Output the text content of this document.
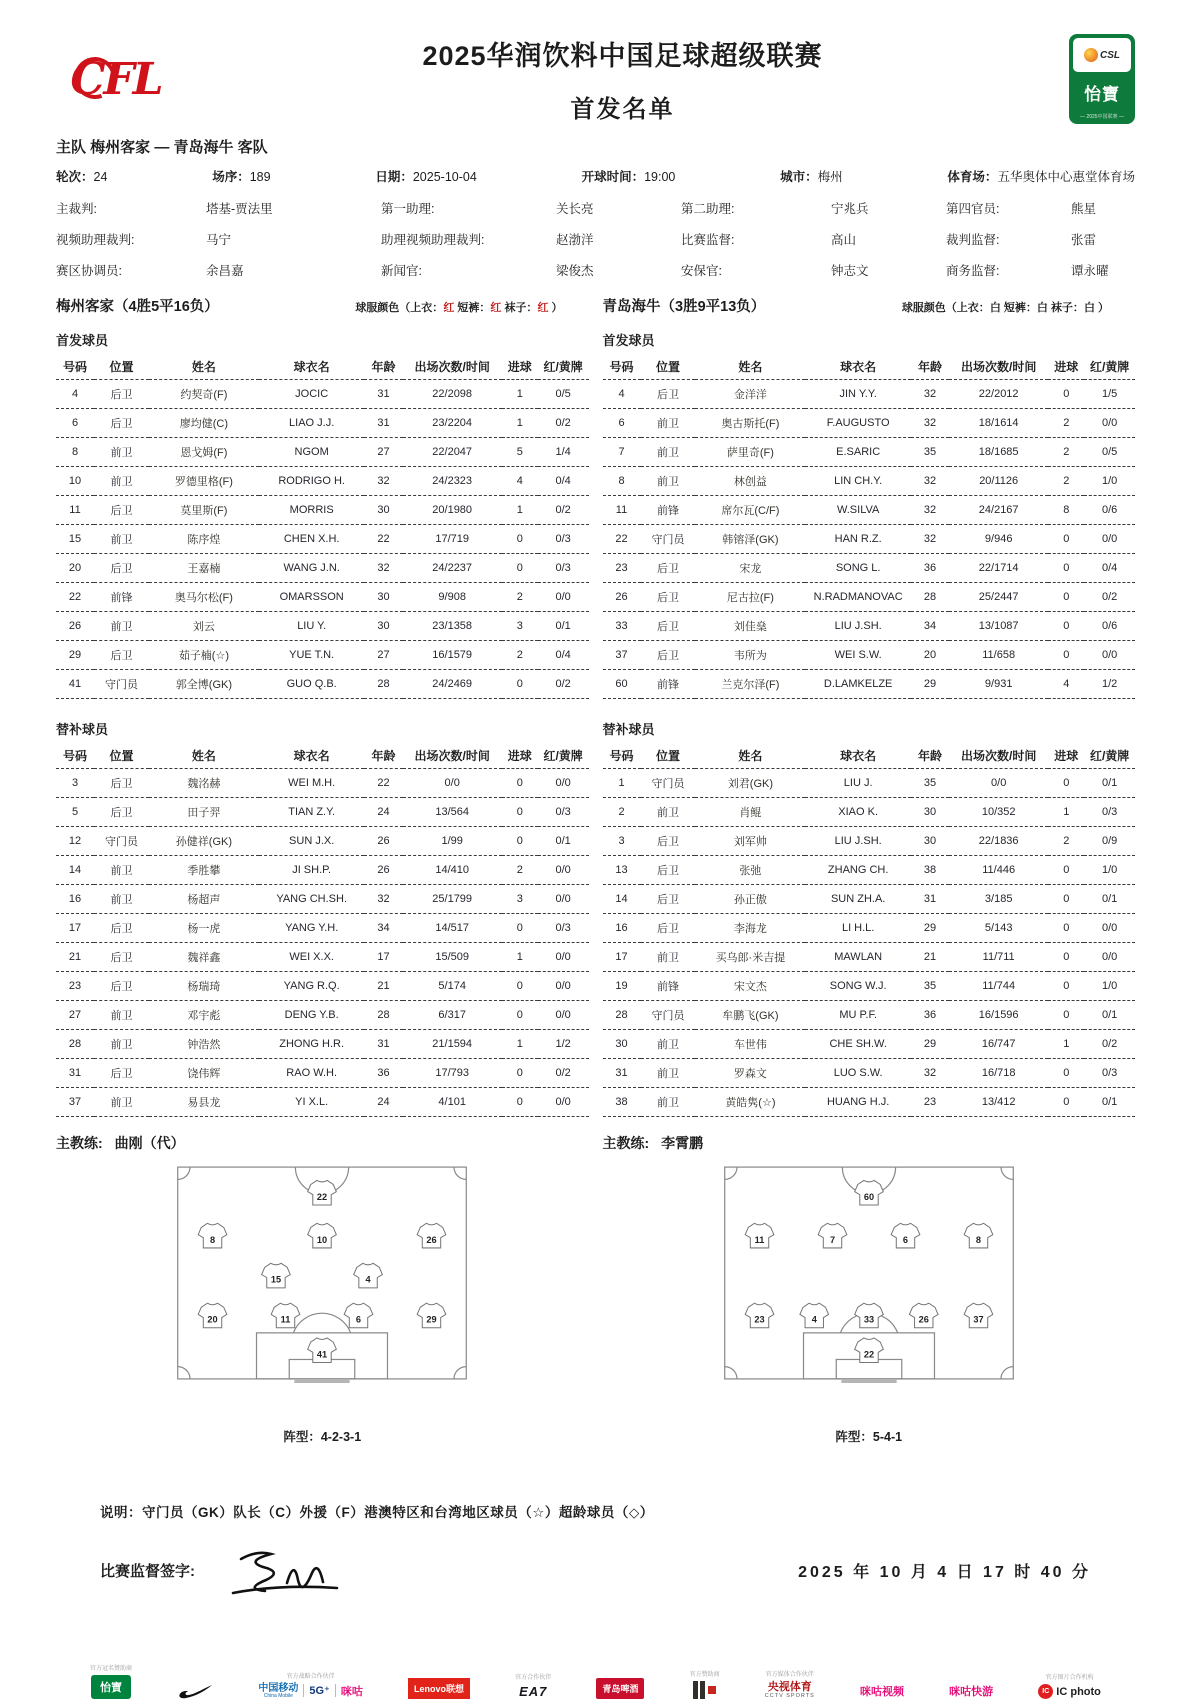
CFL	2025华润饮料中国足球超级联赛
首发名单
CSL
怡寶
— 2025中国联赛 —
主队 梅州客家 — 青岛海牛 客队
轮次：24	场序：189	日期：2025-10-04	开球时间：19:00	城市：梅州	体育场：五华奥体中心惠堂体育场
主裁判:	塔基-贾法里	第一助理:	关长亮	第二助理:	宁兆兵	第四官员:	熊星
视频助理裁判:	马宁	助理视频助理裁判:	赵渤洋	比赛监督:	高山	裁判监督:	张雷
赛区协调员:	余昌嘉	新闻官:	梁俊杰	安保官:	钟志文	商务监督:	谭永曜
梅州客家（4胜5平16负）	球服颜色（上衣：红 短裤：红 袜子：红 ）	青岛海牛（3胜9平13负）	球服颜色（上衣：白 短裤：白 袜子：白 ）
首发球员
号码	位置	姓名	球衣名	年龄	出场次数/时间	进球	红/黄牌
4	后卫	约契奇(F)	JOCIC	31	22/2098	1	0/5
6	后卫	廖均健(C)	LIAO J.J.	31	23/2204	1	0/2
8	前卫	恩戈姆(F)	NGOM	27	22/2047	5	1/4
10	前卫	罗德里格(F)	RODRIGO H.	32	24/2323	4	0/4
11	后卫	莫里斯(F)	MORRIS	30	20/1980	1	0/2
15	前卫	陈序煌	CHEN X.H.	22	17/719	0	0/3
20	后卫	王嘉楠	WANG J.N.	32	24/2237	0	0/3
22	前锋	奥马尔松(F)	OMARSSON	30	9/908	2	0/0
26	前卫	刘云	LIU Y.	30	23/1358	3	0/1
29	后卫	茹子楠(☆)	YUE T.N.	27	16/1579	2	0/4
41	守门员	郭全博(GK)	GUO Q.B.	28	24/2469	0	0/2
替补球员
号码	位置	姓名	球衣名	年龄	出场次数/时间	进球	红/黄牌
3	后卫	魏洺赫	WEI M.H.	22	0/0	0	0/0
5	后卫	田子羿	TIAN Z.Y.	24	13/564	0	0/3
12	守门员	孙健祥(GK)	SUN J.X.	26	1/99	0	0/1
14	前卫	季胜攀	JI SH.P.	26	14/410	2	0/0
16	前卫	杨超声	YANG CH.SH.	32	25/1799	3	0/0
17	后卫	杨一虎	YANG Y.H.	34	14/517	0	0/3
21	后卫	魏祥鑫	WEI X.X.	17	15/509	1	0/0
23	后卫	杨瑞琦	YANG R.Q.	21	5/174	0	0/0
27	前卫	邓宇彪	DENG Y.B.	28	6/317	0	0/0
28	前卫	钟浩然	ZHONG H.R.	31	21/1594	1	1/2
31	后卫	饶伟辉	RAO W.H.	36	17/793	0	0/2
37	前卫	易县龙	YI X.L.	24	4/101	0	0/0
主教练: 曲刚（代）
22
8	10	26
15	4
20	11	6	29
41
阵型：4-2-3-1
首发球员
号码	位置	姓名	球衣名	年龄	出场次数/时间	进球	红/黄牌
4	后卫	金洋洋	JIN Y.Y.	32	22/2012	0	1/5
6	前卫	奥古斯托(F)	F.AUGUSTO	32	18/1614	2	0/0
7	前卫	萨里奇(F)	E.SARIC	35	18/1685	2	0/5
8	前卫	林创益	LIN CH.Y.	32	20/1126	2	1/0
11	前锋	席尔瓦(C/F)	W.SILVA	32	24/2167	8	0/6
22	守门员	韩镕泽(GK)	HAN R.Z.	32	9/946	0	0/0
23	后卫	宋龙	SONG L.	36	22/1714	0	0/4
26	后卫	尼古拉(F)	N.RADMANOVAC	28	25/2447	0	0/2
33	后卫	刘佳燊	LIU J.SH.	34	13/1087	0	0/6
37	后卫	韦所为	WEI S.W.	20	11/658	0	0/0
60	前锋	兰克尔泽(F)	D.LAMKELZE	29	9/931	4	1/2
替补球员
号码	位置	姓名	球衣名	年龄	出场次数/时间	进球	红/黄牌
1	守门员	刘君(GK)	LIU J.	35	0/0	0	0/1
2	前卫	肖鲲	XIAO K.	30	10/352	1	0/3
3	后卫	刘军帅	LIU J.SH.	30	22/1836	2	0/9
13	后卫	张弛	ZHANG CH.	38	11/446	0	1/0
14	后卫	孙正傲	SUN ZH.A.	31	3/185	0	0/1
16	后卫	李海龙	LI H.L.	29	5/143	0	0/0
17	前卫	买乌郎·米吉提	MAWLAN	21	11/711	0	0/0
19	前锋	宋文杰	SONG W.J.	35	11/744	0	1/0
28	守门员	牟鹏飞(GK)	MU P.F.	36	16/1596	0	0/1
30	前卫	车世伟	CHE SH.W.	29	16/747	1	0/2
31	前卫	罗森文	LUO S.W.	32	16/718	0	0/3
38	前卫	黄皓隽(☆)	HUANG H.J.	23	13/412	0	0/1
主教练: 李霄鹏
60
11	7	6	8
23	4	33	26	37
22
阵型：5-4-1
说明：守门员（GK）队长（C）外援（F）港澳特区和台湾地区球员（☆）超龄球员（◇）
比赛监督签字:	2025 年 10 月 4 日 17 时 40 分
官方冠名赞助商
怡寶
官方战略合作伙伴
中国移动
China Mobile	5G⁺	咪咕	Lenovo联想
官方合作伙伴
EA7	青岛啤酒
官方赞助商	官方媒体合作伙伴
央视体育
CCTV SPORTS	咪咕视频	咪咕快游
官方图片合作机构
IC IC photo
